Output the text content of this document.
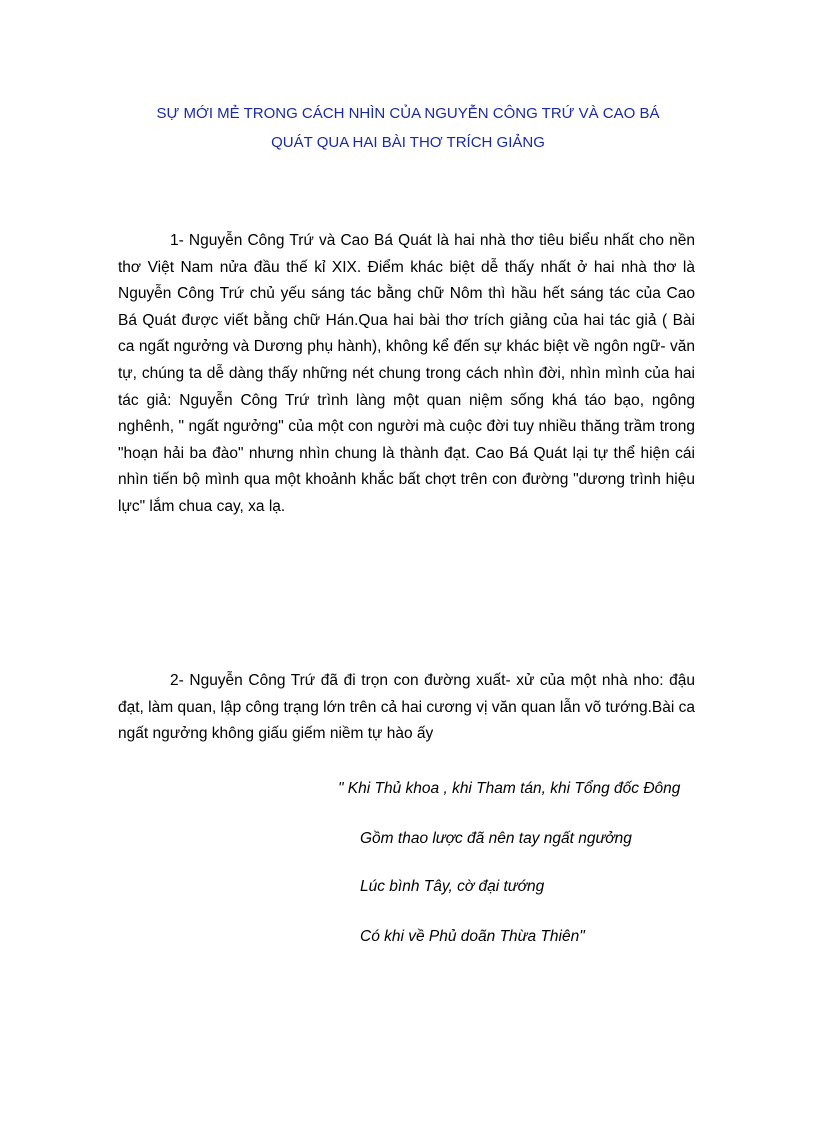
SỰ MỚI MẺ TRONG CÁCH NHÌN CỦA NGUYỄN CÔNG TRỨ VÀ CAO BÁ
QUÁT QUA HAI BÀI THƠ TRÍCH GIẢNG

1- Nguyễn Công Trứ và Cao Bá Quát là hai nhà thơ tiêu biểu nhất cho nền thơ Việt Nam nửa đầu thế kỉ XIX. Điểm khác biệt dễ thấy nhất ở hai nhà thơ là Nguyễn Công Trứ chủ yếu sáng tác bằng chữ Nôm thì hầu hết sáng tác của Cao Bá Quát được viết bằng chữ Hán.Qua hai bài thơ trích giảng của hai tác giả ( Bài ca ngất ngưởng và Dương phụ hành), không kể đến sự khác biệt về ngôn ngữ- văn tự, chúng ta dễ dàng thấy những nét chung trong cách nhìn đời, nhìn mình của hai tác giả: Nguyễn Công Trứ trình làng một quan niệm sống khá táo bạo, ngông nghênh, " ngất ngưởng" của một con người mà cuộc đời tuy nhiều thăng trầm trong "hoạn hải ba đào" nhưng nhìn chung là thành đạt. Cao Bá Quát lại tự thể hiện cái nhìn tiến bộ mình qua một khoảnh khắc bất chợt trên con đường "dương trình hiệu lực" lắm chua cay, xa lạ.

2- Nguyễn Công Trứ đã đi trọn con đường xuất- xử của một nhà nho: đậu đạt, làm quan, lập công trạng lớn trên cả hai cương vị văn quan lẫn võ tướng.Bài ca ngất ngưởng không giấu giếm niềm tự hào ấy

" Khi Thủ khoa , khi Tham tán, khi Tổng đốc Đông
Gồm thao lược đã nên tay ngất ngưởng
Lúc bình Tây, cờ đại tướng
Có khi về Phủ doãn Thừa Thiên"
